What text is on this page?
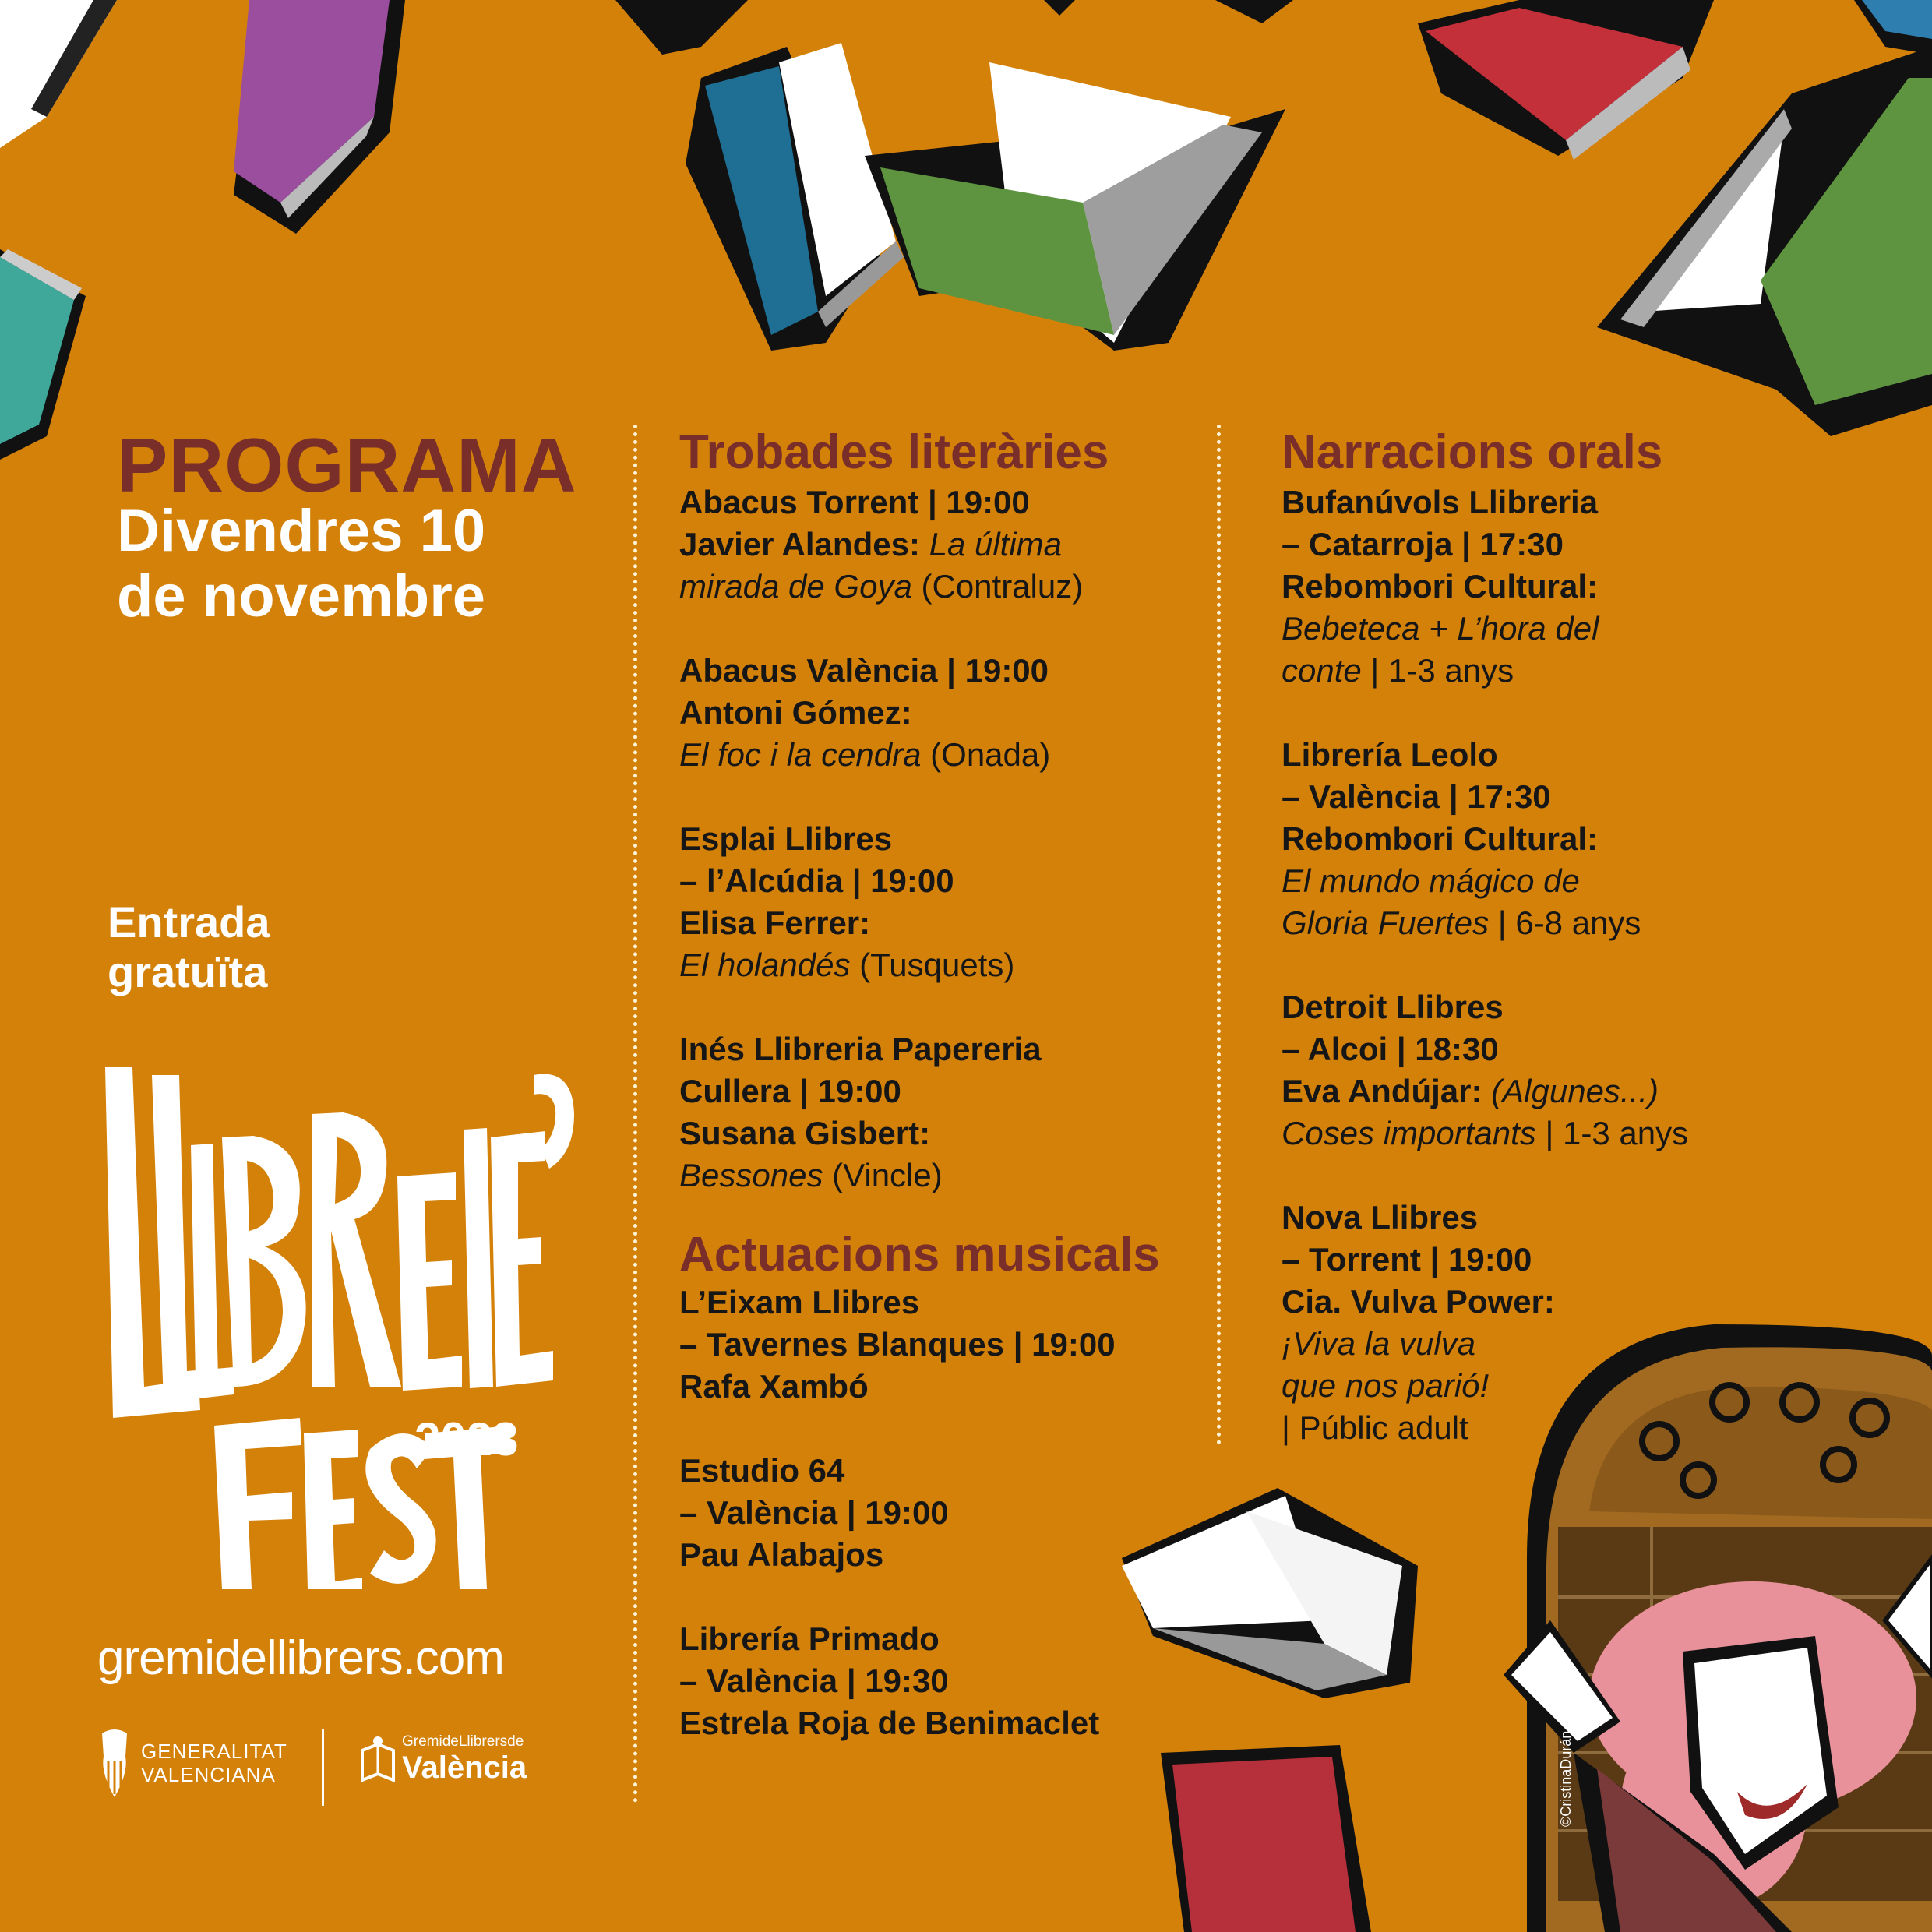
PROGRAMA
Divendres 10
de novembre
Entrada
gratuïta
2023
gremidellibrers.com
GENERALITAT
VALENCIANA
GremideLlibrersde
València
Trobades literàries
Abacus Torrent | 19:00
Javier Alandes: La última
mirada de Goya (Contraluz)
Abacus València | 19:00
Antoni Gómez:
El foc i la cendra (Onada)
Esplai Llibres
– l’Alcúdia | 19:00
Elisa Ferrer:
El holandés (Tusquets)
Inés Llibreria Papereria
Cullera | 19:00
Susana Gisbert:
Bessones (Vincle)
Actuacions musicals
L’Eixam Llibres
– Tavernes Blanques | 19:00
Rafa Xambó
Estudio 64
– València | 19:00
Pau Alabajos
Librería Primado
– València | 19:30
Estrela Roja de Benimaclet
Narracions orals
Bufanúvols Llibreria
– Catarroja | 17:30
Rebombori Cultural:
Bebeteca + L’hora del
conte | 1-3 anys
Librería Leolo
– València | 17:30
Rebombori Cultural:
El mundo mágico de
Gloria Fuertes | 6-8 anys
Detroit Llibres
– Alcoi | 18:30
Eva Andújar: (Algunes...)
Coses importants | 1-3 anys
Nova Llibres
– Torrent | 19:00
Cia. Vulva Power:
¡Viva la vulva
que nos parió!
| Públic adult
©CristinaDurán
